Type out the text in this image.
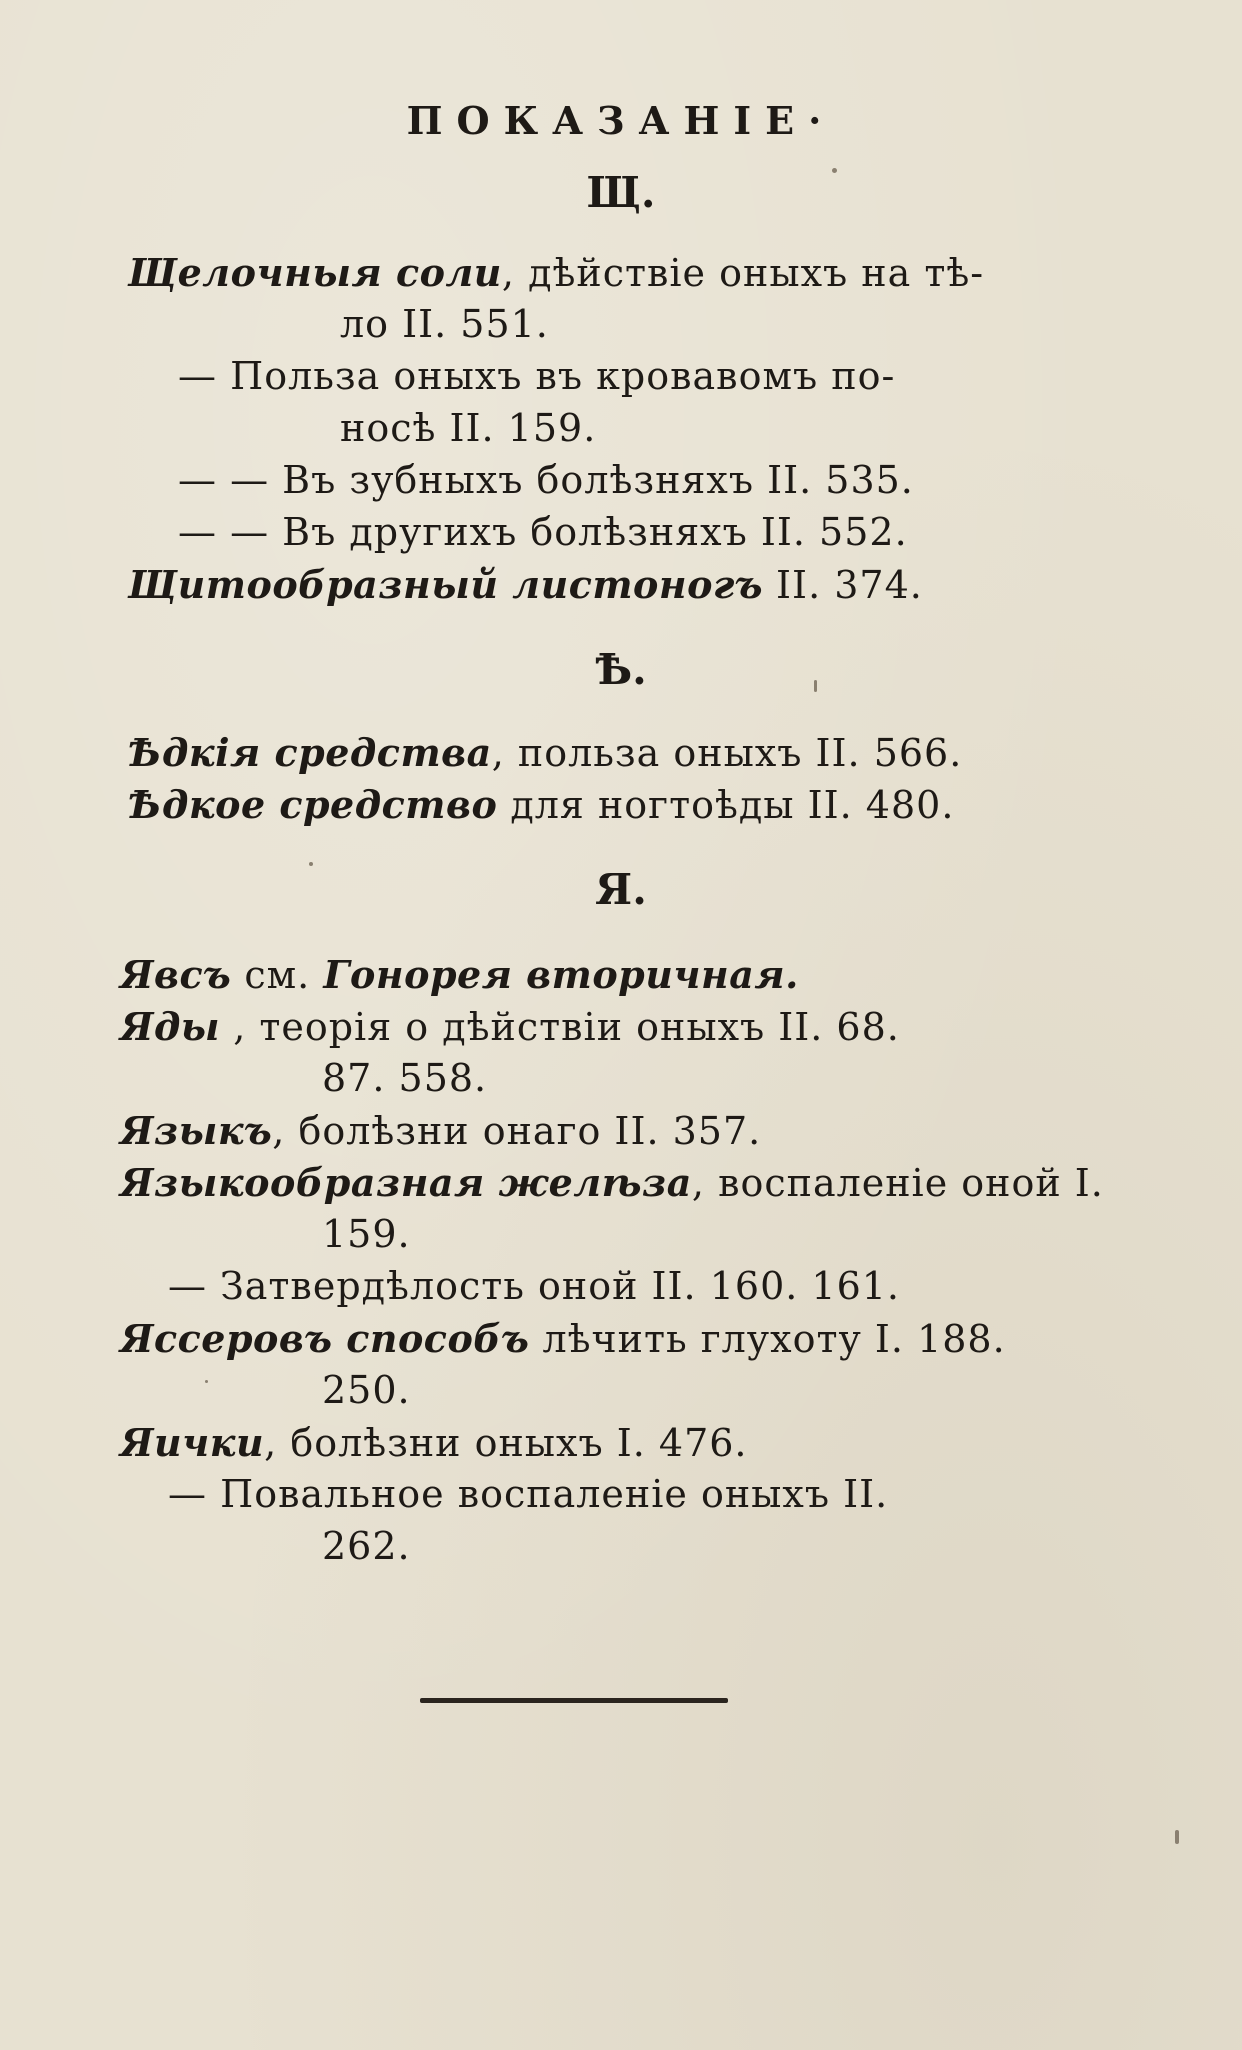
ПОКАЗАНІЕ·
Щ.
Щелочныя соли, дѣйствіе оныхъ на тѣ-
ло II. 551.
— Польза оныхъ въ кровавомъ по-
носѣ II. 159.
— — Въ зубныхъ болѣзняхъ II. 535.
— — Въ другихъ болѣзняхъ II. 552.
Щитообразный листоногъ II. 374.
Ѣ.
Ѣдкія средства, польза оныхъ II. 566.
Ѣдкое средство для ногтоѣды II. 480.
Я.
Явсъ см. Гонорея вторичная.
Яды , теорія о дѣйствіи оныхъ II. 68.
87. 558.
Языкъ, болѣзни онаго II. 357.
Языкообразная желѣза, воспаленіе оной I.
159.
— Затвердѣлость оной II. 160. 161.
Яссеровъ способъ лѣчить глухоту I. 188.
250.
Яички, болѣзни оныхъ I. 476.
— Повальное воспаленіе оныхъ II.
262.
